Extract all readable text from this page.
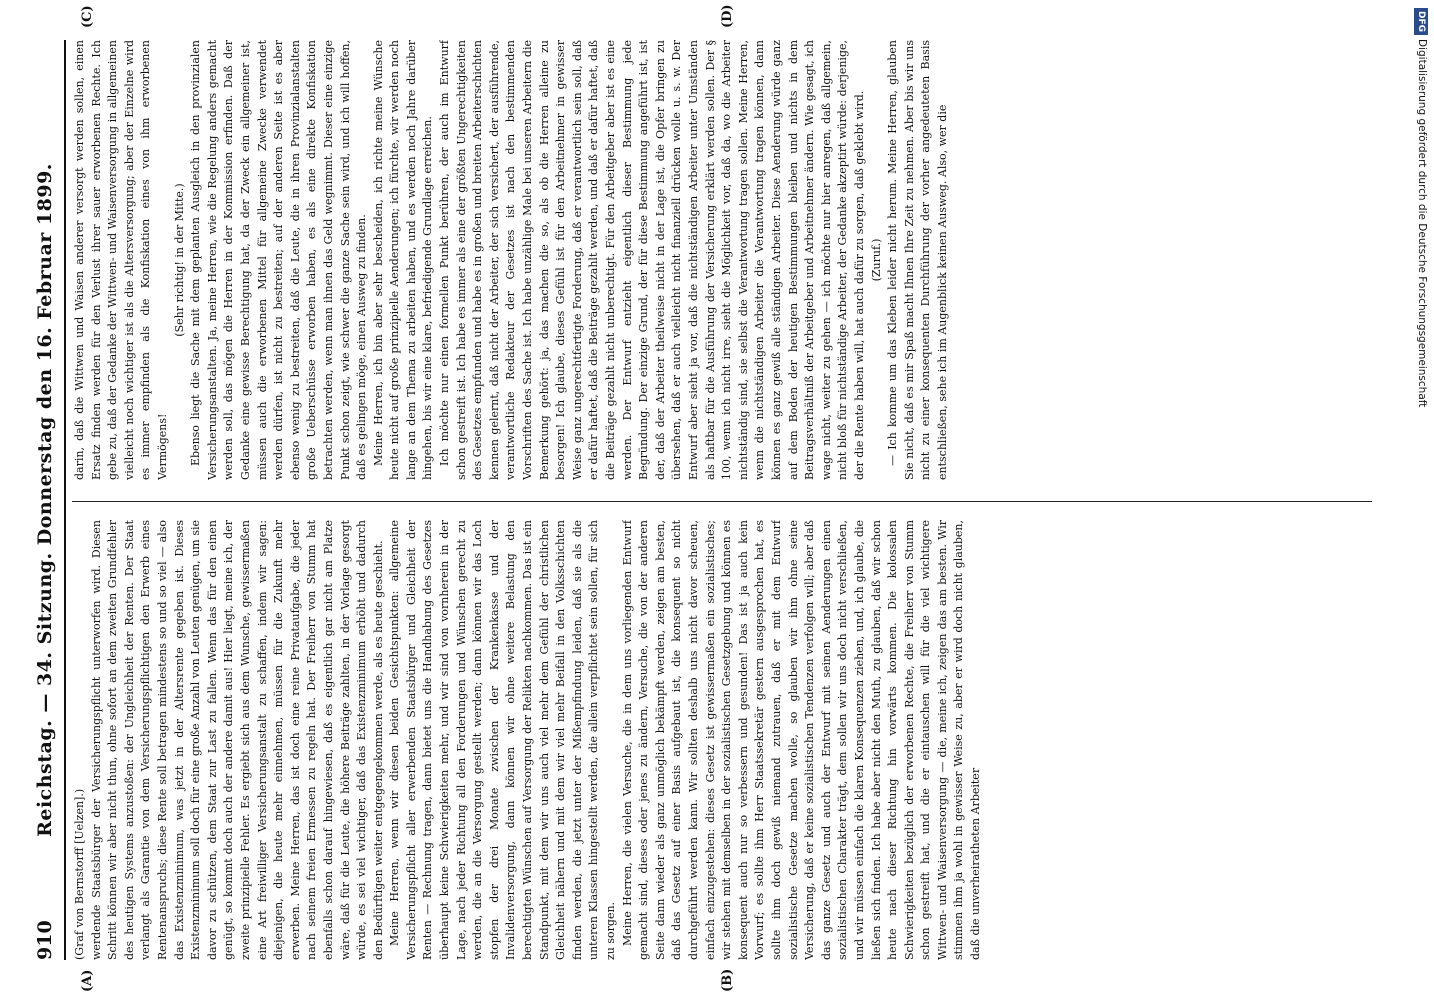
910
Reichstag. — 34. Sitzung. Donnerstag den 16. Februar 1899.
(A)	(B)
(C)	(D)

(Graf von Bernstorff [Uelzen].) werdende Staatsbürger der Versicherungspflicht unterworfen wird. Diesen Schritt können wir aber nicht thun, ohne sofort an dem zweiten Grundfehler des heutigen Systems anzustoßen: der Ungleichheit der Renten. Der Staat verlangt als Garantie von dem Versicherungspflichtigen den Erwerb eines Rentenanspruchs; diese Rente soll betragen mindestens so und so viel — also das Existenzminimum, was jetzt in der Altersrente gegeben ist. Dieses Existenzminimum soll doch für eine große Anzahl von Leuten genügen, um sie davor zu schützen, dem Staat zur Last zu fallen. Wenn das für den einen genügt, so kommt doch auch der andere damit aus! Hier liegt, meine ich, der zweite prinzipielle Fehler. Es ergiebt sich aus dem Wunsche, gewissermaßen eine Art freiwilliger Versicherungsanstalt zu schaffen, indem wir sagen: diejenigen, die heute mehr einnehmen, müssen für die Zukunft mehr erwerben. Meine Herren, das ist doch eine reine Privataufgabe, die jeder nach seinem freien Ermessen zu regeln hat. Der Freiherr von Stumm hat ebenfalls schon darauf hingewiesen, daß es eigentlich gar nicht am Platze wäre, daß für die Leute, die höhere Beiträge zahlten, in der Vorlage gesorgt würde, es sei viel wichtiger, daß das Existenzminimum erhöht und dadurch den Bedürftigen weiter entgegengekommen werde, als es heute geschieht. Meine Herren, wenn wir diesen beiden Gesichtspunkten: allgemeine Versicherungspflicht aller erwerbenden Staatsbürger und Gleichheit der Renten — Rechnung tragen, dann bietet uns die Handhabung des Gesetzes überhaupt keine Schwierigkeiten mehr, und wir sind von vornherein in der Lage, nach jeder Richtung all den Forderungen und Wünschen gerecht zu werden, die an die Versorgung gestellt werden; dann können wir das Loch stopfen der drei Monate zwischen der Krankenkasse und der Invalidenversorgung, dann können wir ohne weitere Belastung den berechtigten Wünschen auf Versorgung der Relikten nachkommen. Das ist ein Standpunkt, mit dem wir uns auch viel mehr dem Gefühl der christlichen Gleichheit nähern und mit dem wir viel mehr Beifall in den Volksschichten finden werden, die jetzt unter der Mißempfindung leiden, daß sie als die unteren Klassen hingestellt werden, die allein verpflichtet sein sollen, für sich zu sorgen. Meine Herren, die vielen Versuche, die in dem uns vorliegenden Entwurf gemacht sind, dieses oder jenes zu ändern, Versuche, die von der anderen Seite dann wieder als ganz unmöglich bekämpft werden, zeigen am besten, daß das Gesetz auf einer Basis aufgebaut ist, die konsequent so nicht durchgeführt werden kann. Wir sollten deshalb uns nicht davor scheuen, einfach einzugestehen: dieses Gesetz ist gewissermaßen ein sozialistisches; wir stehen mit demselben in der sozialistischen Gesetzgebung und können es konsequent auch nur so verbessern und gesunden! Das ist ja auch kein Vorwurf; es sollte ihm Herr Staatssekretär gestern ausgesprochen hat, es sollte ihm doch gewiß niemand zutrauen, daß er mit dem Entwurf sozialistische Gesetze machen wolle, so glauben wir ihm ohne seine Versicherung, daß er keine sozialistischen Tendenzen verfolgen will; aber daß das ganze Gesetz und auch der Entwurf mit seinen Aenderungen einen sozialistischen Charakter trägt, dem sollen wir uns doch nicht verschließen, und wir müssen einfach die klaren Konsequenzen ziehen, und, ich glaube, die ließen sich finden. Ich habe aber nicht den Muth, zu glauben, daß wir schon heute nach dieser Richtung hin vorwärts kommen. Die kolossalen Schwierigkeiten bezüglich der erworbenen Rechte, die Freiherr von Stumm schon gestreift hat, und die er eintauschen will für die viel wichtigere Wittwen- und Waisenversorgung — die, meine ich, zeigen das am besten. Wir stimmen ihm ja wohl in gewisser Weise zu, aber er wird doch nicht glauben, daß die unverheiratheten Arbeiter

darin, daß die Wittwen und Waisen anderer versorgt werden sollen, einen Ersatz finden werden für den Verlust ihrer sauer erworbenen Rechte. Ich gebe zu, daß der Gedanke der Wittwen- und Waisenversorgung in allgemeinen vielleicht noch wichtiger ist als die Altersversorgung; aber der Einzelne wird es immer empfinden als die Konfiskation eines von ihm erworbenen Vermögens!

(Sehr richtig! in der Mitte.) Ebenso liegt die Sache mit dem geplanten Ausgleich in den provinzialen Versicherungsanstalten. Ja, meine Herren, wie die Regelung anders gemacht werden soll, das mögen die Herren in der Kommission erfinden. Daß der Gedanke eine gewisse Berechtigung hat, da der Zweck ein allgemeiner ist, müssen auch die erworbenen Mittel für allgemeine Zwecke verwendet werden dürfen, ist nicht zu bestreiten; auf der anderen Seite ist es aber ebenso wenig zu bestreiten, daß die Leute, die in ihren Provinzialanstalten große Ueberschüsse erworben haben, es als eine direkte Konfiskation betrachten werden, wenn man ihnen das Geld wegnimmt. Dieser eine einzige Punkt schon zeigt, wie schwer die ganze Sache sein wird, und ich will hoffen, daß es gelingen möge, einen Ausweg zu finden. Meine Herren, ich bin aber sehr bescheiden, ich richte meine Wünsche heute nicht auf große prinzipielle Aenderungen; ich fürchte, wir werden noch lange an dem Thema zu arbeiten haben, und es werden noch Jahre darüber hingehen, bis wir eine klare, befriedigende Grundlage erreichen. Ich möchte nur einen formellen Punkt berühren, der auch im Entwurf schon gestreift ist. Ich habe es immer als eine der größten Ungerechtigkeiten des Gesetzes empfunden und habe es in großen und breiten Arbeiterschichten kennen gelernt, daß nicht der Arbeiter, der sich versichert, der ausführende, verantwortliche Redakteur der Gesetzes ist nach den bestimmenden Vorschriften des Sache ist. Ich habe unzählige Male bei unseren Arbeitern die Bemerkung gehört: ja, das machen die so, als ob die Herren alleine zu besorgen! Ich glaube, dieses Gefühl ist für den Arbeitnehmer in gewisser Weise ganz ungerechtfertigte Forderung, daß er verantwortlich sein soll, daß er dafür haftet, daß die Beiträge gezahlt werden, und daß er dafür haftet, daß die Beiträge gezahlt nicht unberechtigt. Für den Arbeitgeber aber ist es eine werden. Der Entwurf entzieht eigentlich dieser Bestimmung jede Begründung. Der einzige Grund, der für diese Bestimmung angeführt ist, ist der, daß der Arbeiter theilweise nicht in der Lage ist, die Opfer bringen zu übersehen, daß er auch vielleicht nicht finanziell drücken wolle u. s. w. Der Entwurf aber sieht ja vor, daß die nichtständigen Arbeiter unter Umständen als haftbar für die Ausführung der Versicherung erklärt werden sollen. Der § 100, wenn ich nicht irre, sieht die Möglichkeit vor, daß da, wo die Arbeiter nichtständig sind, sie selbst die Verantwortung tragen sollen. Meine Herren, wenn die nichtständigen Arbeiter die Verantwortung tragen können, dann können es ganz gewiß alle ständigen Arbeiter. Diese Aenderung würde ganz auf dem Boden der heutigen Bestimmungen bleiben und nichts in dem Beitragsverhältniß der Arbeitgeber und Arbeitnehmer ändern. Wie gesagt, ich wage nicht, weiter zu gehen — ich möchte nur hier anregen, daß allgemein, nicht bloß für nichtständige Arbeiter, der Gedanke akzeptirt würde: derjenige, der die Rente haben will, hat auch dafür zu sorgen, daß geklebt wird. (Zuruf.) — Ich komme um das Kleben leider nicht herum. Meine Herren, glauben Sie nicht, daß es mir Spaß macht Ihnen Ihre Zeit zu nehmen. Aber bis wir uns nicht zu einer konsequenten Durchführung der vorher angedeuteten Basis entschließen, sehe ich im Augenblick keinen Ausweg. Also, wer die

DFGDigitalisierung gefördert durch die Deutsche Forschungsgemeinschaft
